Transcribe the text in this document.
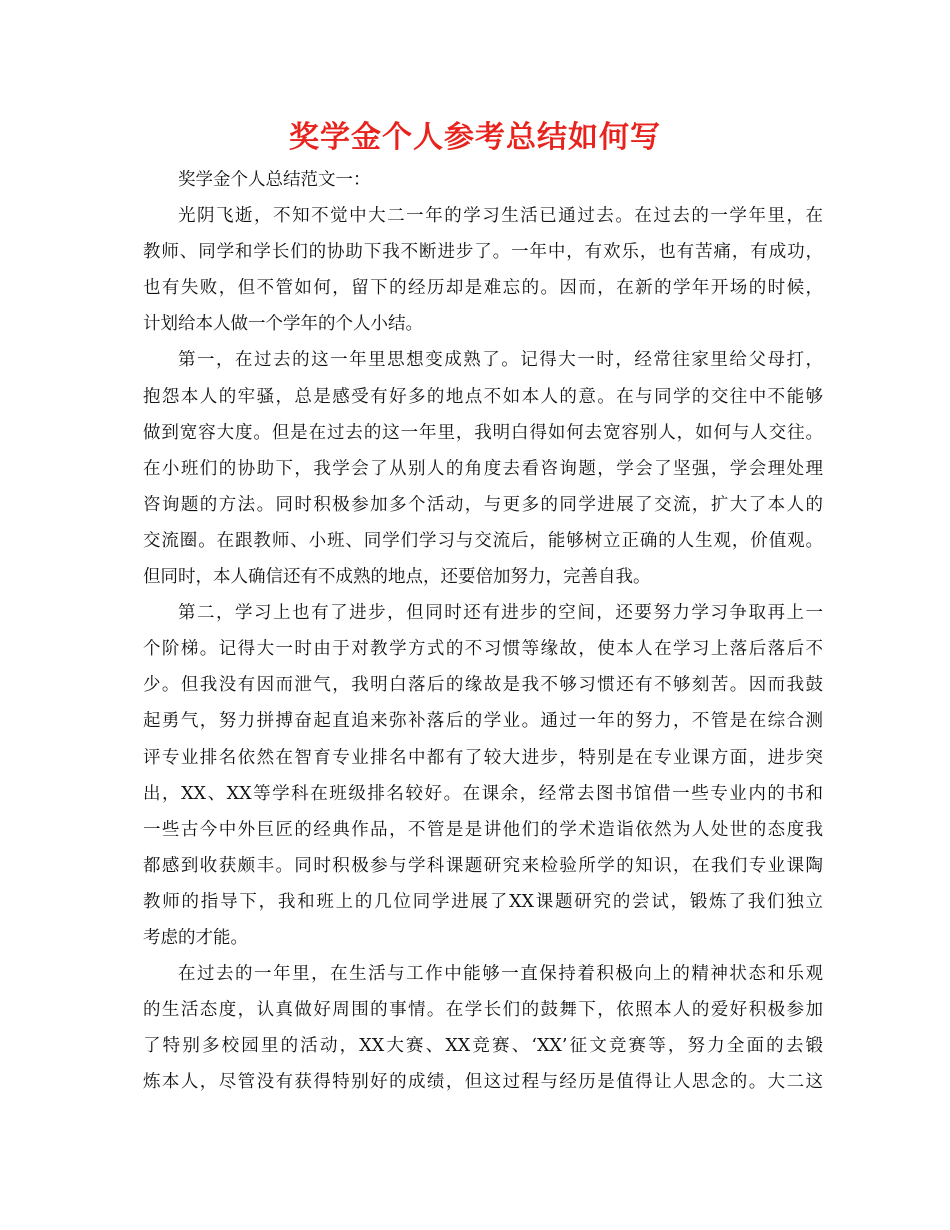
奖学金个人参考总结如何写
奖学金个人总结范文一：
光阴飞逝，不知不觉中大二一年的学习生活已通过去。在过去的一学年里，在
教师、同学和学长们的协助下我不断进步了。一年中，有欢乐，也有苦痛，有成功，
也有失败，但不管如何，留下的经历却是难忘的。因而，在新的学年开场的时候，
计划给本人做一个学年的个人小结。
第一，在过去的这一年里思想变成熟了。记得大一时，经常往家里给父母打，
抱怨本人的牢骚，总是感受有好多的地点不如本人的意。在与同学的交往中不能够
做到宽容大度。但是在过去的这一年里，我明白得如何去宽容别人，如何与人交往。
在小班们的协助下，我学会了从别人的角度去看咨询题，学会了坚强，学会理处理
咨询题的方法。同时积极参加多个活动，与更多的同学进展了交流，扩大了本人的
交流圈。在跟教师、小班、同学们学习与交流后，能够树立正确的人生观，价值观。
但同时，本人确信还有不成熟的地点，还要倍加努力，完善自我。
第二，学习上也有了进步，但同时还有进步的空间，还要努力学习争取再上一
个阶梯。记得大一时由于对教学方式的不习惯等缘故，使本人在学习上落后落后不
少。但我没有因而泄气，我明白落后的缘故是我不够习惯还有不够刻苦。因而我鼓
起勇气，努力拼搏奋起直追来弥补落后的学业。通过一年的努力，不管是在综合测
评专业排名依然在智育专业排名中都有了较大进步，特别是在专业课方面，进步突
出，XX、XX等学科在班级排名较好。在课余，经常去图书馆借一些专业内的书和
一些古今中外巨匠的经典作品，不管是是讲他们的学术造诣依然为人处世的态度我
都感到收获颇丰。同时积极参与学科课题研究来检验所学的知识，在我们专业课陶
教师的指导下，我和班上的几位同学进展了XX课题研究的尝试，锻炼了我们独立
考虑的才能。
在过去的一年里，在生活与工作中能够一直保持着积极向上的精神状态和乐观
的生活态度，认真做好周围的事情。在学长们的鼓舞下，依照本人的爱好积极参加
了特别多校园里的活动，XX大赛、XX竞赛、‘XX’征文竞赛等，努力全面的去锻
炼本人，尽管没有获得特别好的成绩，但这过程与经历是值得让人思念的。大二这
